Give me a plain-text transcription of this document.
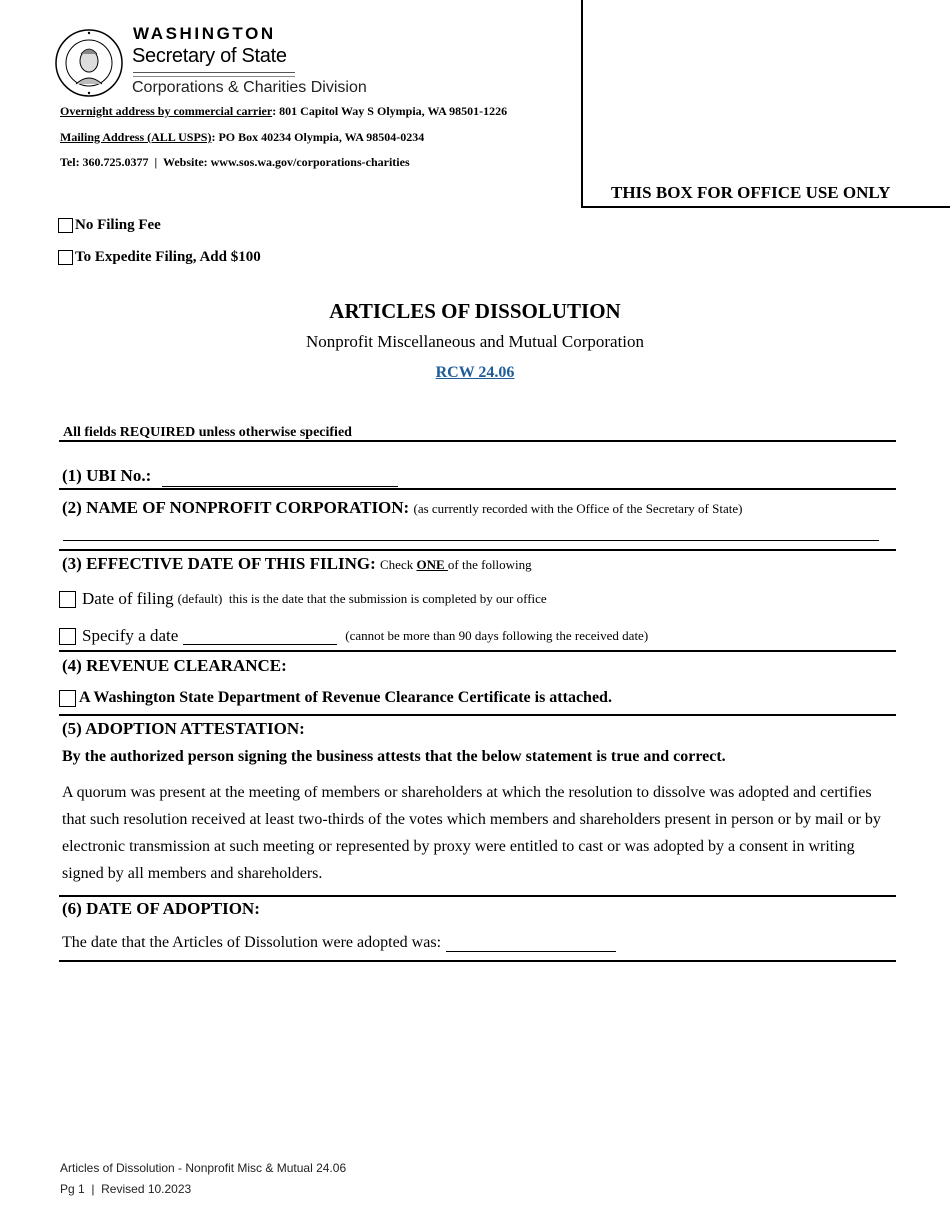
WASHINGTON
Secretary of State
Corporations & Charities Division
Overnight address by commercial carrier: 801 Capitol Way S Olympia, WA 98501-1226
Mailing Address (ALL USPS): PO Box 40234 Olympia, WA 98504-0234
Tel: 360.725.0377  |  Website: www.sos.wa.gov/corporations-charities
THIS BOX FOR OFFICE USE ONLY
No Filing Fee
To Expedite Filing, Add $100
ARTICLES OF DISSOLUTION
Nonprofit Miscellaneous and Mutual Corporation
RCW 24.06
All fields REQUIRED unless otherwise specified
(1) UBI No.:
(2) NAME OF NONPROFIT CORPORATION: (as currently recorded with the Office of the Secretary of State)
(3) EFFECTIVE DATE OF THIS FILING: Check ONE of the following
Date of filing (default)  this is the date that the submission is completed by our office
Specify a date	(cannot be more than 90 days following the received date)
(4) REVENUE CLEARANCE:
A Washington State Department of Revenue Clearance Certificate is attached.
(5) ADOPTION ATTESTATION:
By the authorized person signing the business attests that the below statement is true and correct.
A quorum was present at the meeting of members or shareholders at which the resolution to dissolve was adopted and certifies that such resolution received at least two-thirds of the votes which members and shareholders present in person or by mail or by electronic transmission at such meeting or represented by proxy were entitled to cast or was adopted by a consent in writing signed by all members and shareholders.
(6) DATE OF ADOPTION:
The date that the Articles of Dissolution were adopted was:
Articles of Dissolution - Nonprofit Misc & Mutual 24.06
Pg 1  |  Revised 10.2023
